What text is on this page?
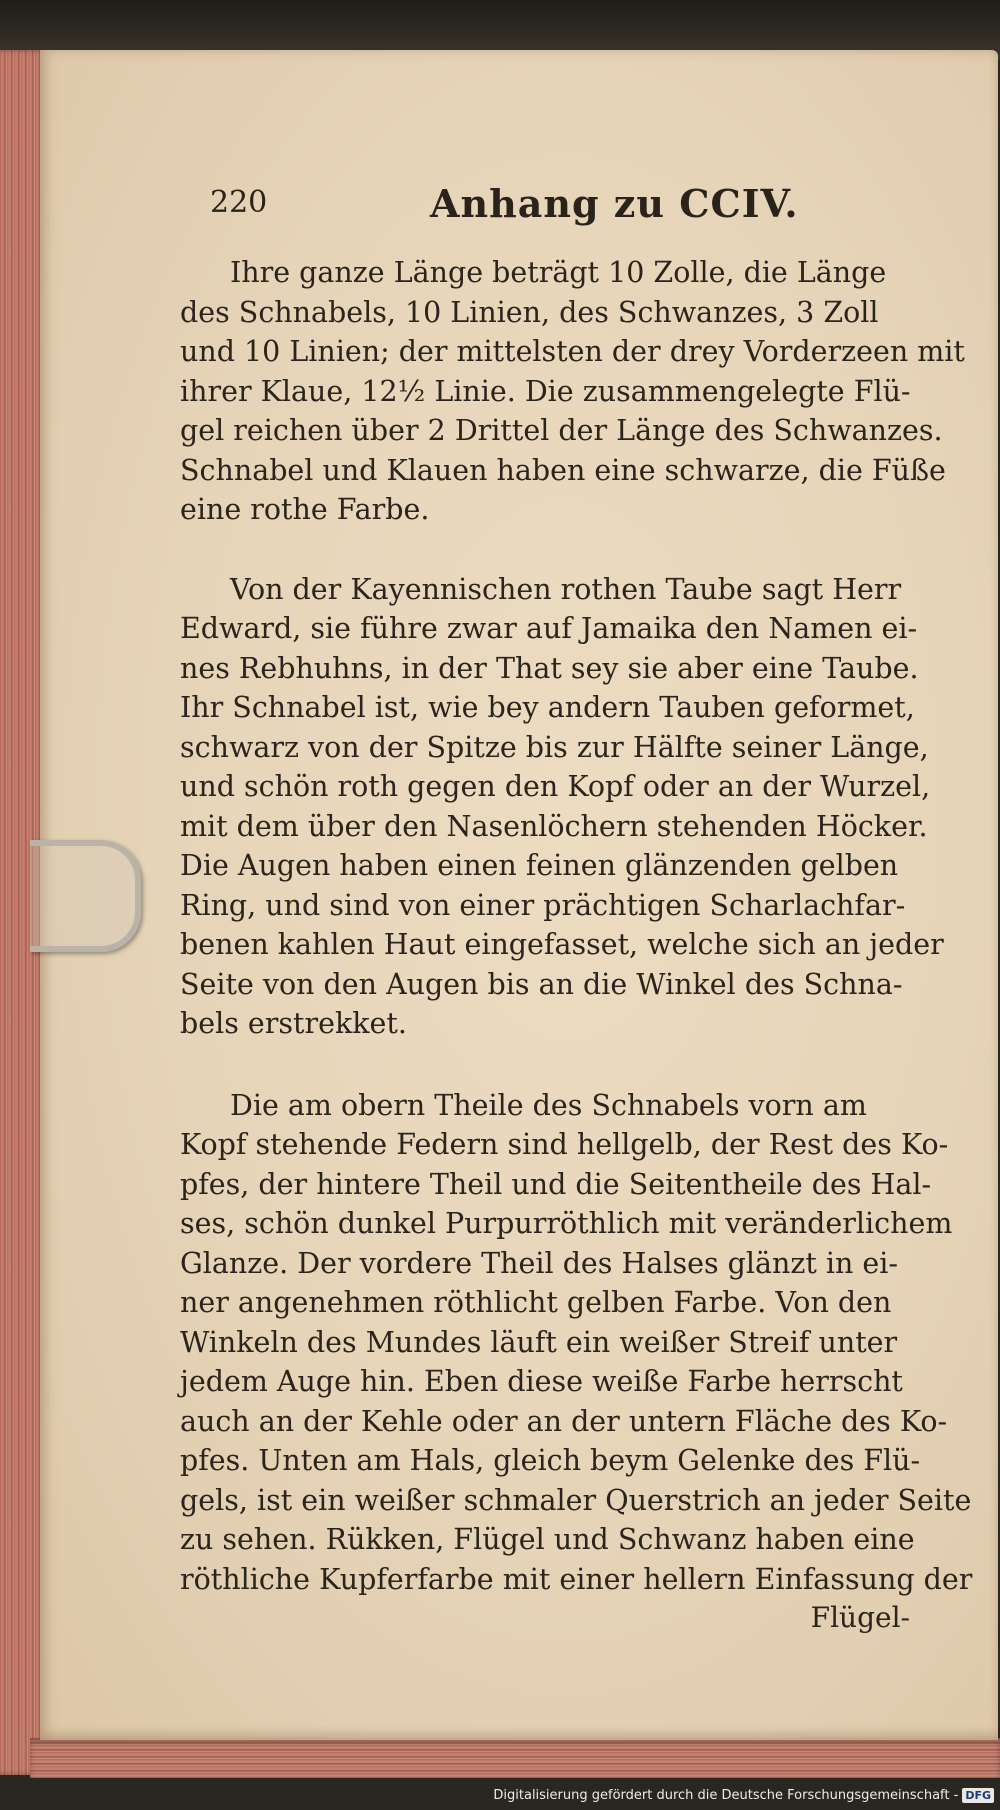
220	Anhang zu CCIV.
Ihre ganze Länge beträgt 10 Zolle, die Länge
des Schnabels, 10 Linien, des Schwanzes, 3 Zoll
und 10 Linien; der mittelsten der drey Vorderzeen mit
ihrer Klaue, 12½ Linie. Die zusammengelegte Flü-
gel reichen über 2 Drittel der Länge des Schwanzes.
Schnabel und Klauen haben eine schwarze, die Füße
eine rothe Farbe.
Von der Kayennischen rothen Taube sagt Herr
Edward, sie führe zwar auf Jamaika den Namen ei-
nes Rebhuhns, in der That sey sie aber eine Taube.
Ihr Schnabel ist, wie bey andern Tauben geformet,
schwarz von der Spitze bis zur Hälfte seiner Länge,
und schön roth gegen den Kopf oder an der Wurzel,
mit dem über den Nasenlöchern stehenden Höcker.
Die Augen haben einen feinen glänzenden gelben
Ring, und sind von einer prächtigen Scharlachfar-
benen kahlen Haut eingefasset, welche sich an jeder
Seite von den Augen bis an die Winkel des Schna-
bels erstrekket.
Die am obern Theile des Schnabels vorn am
Kopf stehende Federn sind hellgelb, der Rest des Ko-
pfes, der hintere Theil und die Seitentheile des Hal-
ses, schön dunkel Purpurröthlich mit veränderlichem
Glanze. Der vordere Theil des Halses glänzt in ei-
ner angenehmen röthlicht gelben Farbe. Von den
Winkeln des Mundes läuft ein weißer Streif unter
jedem Auge hin. Eben diese weiße Farbe herrscht
auch an der Kehle oder an der untern Fläche des Ko-
pfes. Unten am Hals, gleich beym Gelenke des Flü-
gels, ist ein weißer schmaler Querstrich an jeder Seite
zu sehen. Rükken, Flügel und Schwanz haben eine
röthliche Kupferfarbe mit einer hellern Einfassung der
Flügel-
Digitalisierung gefördert durch die Deutsche Forschungsgemeinschaft - DFG
